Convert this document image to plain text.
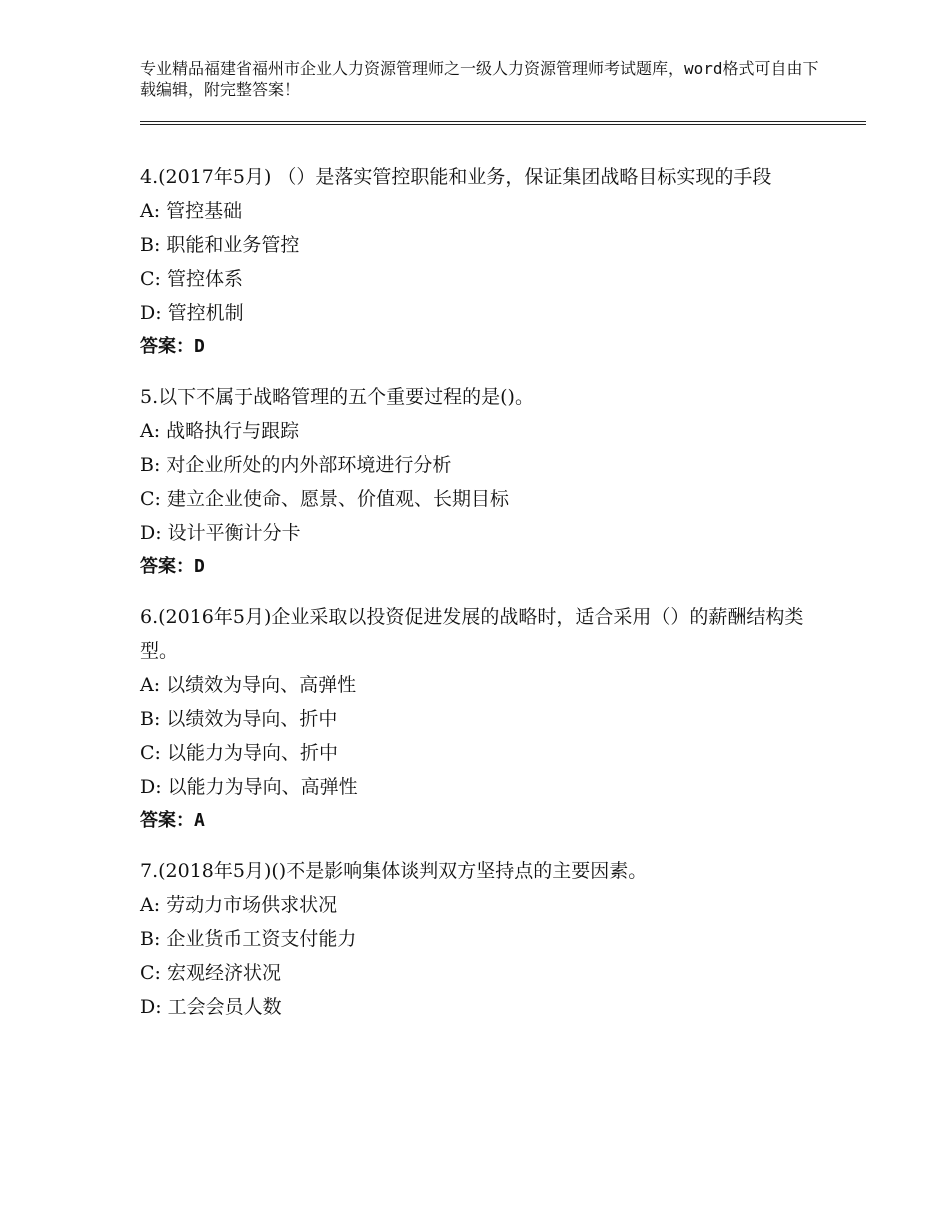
专业精品福建省福州市企业人力资源管理师之一级人力资源管理师考试题库，word格式可自由下载编辑，附完整答案！

4.(2017年5月) （）是落实管控职能和业务，保证集团战略目标实现的手段

A: 管控基础

B: 职能和业务管控

C: 管控体系

D: 管控机制

答案：D

5.以下不属于战略管理的五个重要过程的是()。

A: 战略执行与跟踪

B: 对企业所处的内外部环境进行分析

C: 建立企业使命、愿景、价值观、长期目标

D: 设计平衡计分卡

答案：D

6.(2016年5月)企业采取以投资促进发展的战略时，适合采用（）的薪酬结构类型。

A: 以绩效为导向、高弹性

B: 以绩效为导向、折中

C: 以能力为导向、折中

D: 以能力为导向、高弹性

答案：A

7.(2018年5月)()不是影响集体谈判双方坚持点的主要因素。

A: 劳动力市场供求状况

B: 企业货币工资支付能力

C: 宏观经济状况

D: 工会会员人数
